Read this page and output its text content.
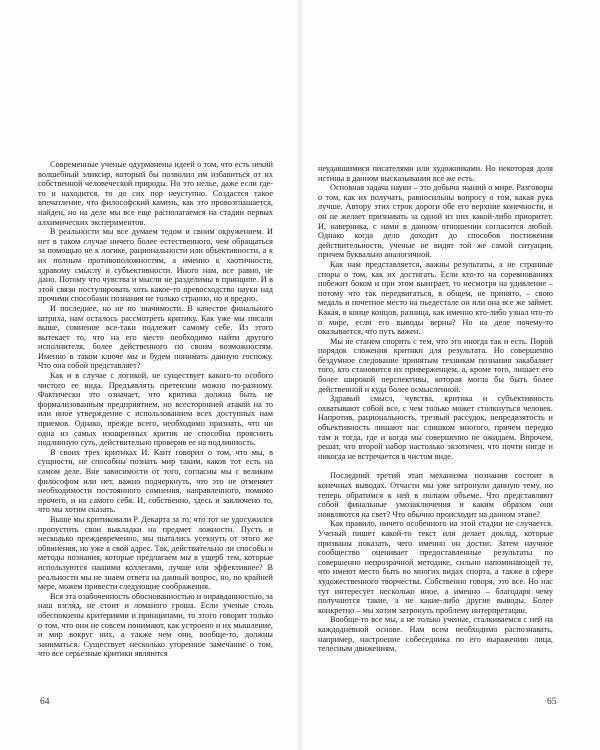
Современные ученые одурманены идеей о том, что есть некий волшебный эликсир, который бы позволил им избавиться от их собственной человеческой природы. Но это нелье, даже если где-то и находится, то до сих пор неуступно. Создастся такое впечатление, что философский камень, как это провозглашается, найден, но на деле мы все еще располагаемся на стадии первых алхимических экспериментов.

В реальности мы все думаем тедом и своим окружением. И нет в таком случае ничего более естественного, чем обращаться за помощью не к логике, рациональности или объективности, а к их полным противоположностям, а именно к хаотичности, здравому смыслу и субъективности. Иного нам, все равно, не дано. Потому что чувства и мысли не разделимы в принципе. И в этой связи постулировать хоть какое-то превосходство науки над прочими способами познания не только странно, но и вредно.

И последнее, но не по значимости. В качестве финального штриха, нам осталось рассмотреть критику. Как уже мы писали выше, сомнение все-таки подлежит самому себе. Из этого вытекает то, что на его место необходимо найти другого исполнителя, более действенного по своим возможностям. Именно в таком ключе мы и будем понимать данную госпожу. Что она собой представляет?

Как и в случае с логикой, не существует какого-то особого чистого ее вида. Предъявлять претензии можно по-разному. Фактически это означает, что критика должна быть не формализованным предприятием, но всесторонней атакой на то или иное утверждение с использованием всех доступных нам приемов. Однако, прежде всего, необходимо признать, что ни одна из самых изощренных критик не способна прояснить подлинную суть, действительно проверив ее на подлинность.

В своих трех критиках И. Кант говорил о том, что мы, в сущности, не способны познать мир таким, каков тот есть на самом деле. Вне зависимости от того, согласны мы с великим философом или нет, важно подчеркнуть, что это не отменяет необходимости постоянного сомнения, направленного, помимо прочего, и на самого себя. И, собственно, здесь и заключено то, что мы хотим сказать.

Выше мы критиковали Р. Декарта за то, что тот не удосужился пропустить свои выкладки на предмет ложности. Пусть и несколько преждевременно, мы пытались усекнуть от этого же обвинения, но уже в свой адрес. Так, действительно ли способы и методы познания, которые предлагаем мы в ущерб тем, которые используются нашими коллегами, лучше или эффективнее? В реальности мы не знаем ответа на данный вопрос, но, по крайней мере, можем привести следующие соображения.

Вся эта озабоченность обоснованностью и оправданностью, за наш взгляд, не стоит и ломаного гроша. Если ученые столь обеспокоены критериями и принципами, то этого говорит только о том, что они не совсем понимают, как устроено и их мышление, и мир вокруг них, а также чем они, вообще-то, должны заниматься. Существует несколько уторенное замечание о том, что все серьезные критики являются

64

неудавшимися писателями или художниками. Но некоторая доля истины в данном высказывании все же есть.

Основная задача науки – это добыча знаний о мире. Разговоры о том, как их получать, равносильны вопросу о том, какая рука лучше. Автору этих строк дороги обе его верхние конечности, и он не желает признавать за одной из них какой-либо приоритет. И, наверника, с нами в данном отношении согласится любой. Однако когда дело доходит до способов постижения действительности, ученые не видят той же самой ситуации, причем буквально аналогичной.

Как нам представляется, важны результаты, а не странные споры о том, как их достигать. Если кто-то на соревнованиях побежит боком и при этом выиграет, то несмотря на удивление – потому что так передвигаться, в общем, не принято, – свою медаль и почетное место на пьедестале он или она все же займет. Какая, в конце концов, разница, как именно кто-либо узнал что-то о мире, если его выводы верны? Но на деле почему-то оказывается, что путь важен.

Мы не станем спорить с тем, что это иногда так и есть. Порой порядок сложения критики для результата. Но совершенно бездумное следование принятым техникам познания закабаляет того, кто становится их приверженцем, а, кроме того, лишает его более широкой перспективы, которая могла бы быть более действенной и куда более осмысленной.

Здравый смысл, чувства, критика и субъективность охватывают собой все, с чем только может столкнуться человек. Напротив, рациональность, трезвый рассудок, непредвзятость и объективность лишают нас слишком многого, причем передко там и тогда, где и когда мы совершенно не ожидаем. Впрочем, решат, что второй набор настолько экзотичен, что почти нигде и никогда не встречается в чистом виде.

Последний третий этап механизма познания состоит в конечных выводах. Отчасти мы уже затронули данную тему, но теперь обратимся к ней в полном объеме. Что представляют собой финальные умозаключения и каким образом они появляются на свет? Что обычно происходит на данном этапе?

Как правило, ничего особенного на этой стадии не случается. Ученый пишет какой-то текст или делает доклад, которые призваны показать, чего именно он достиг. Затем научное сообщество оценивает предоставленные результаты по совершенно непрозрачной методике, сильно напоминающей те, что имеют место быть во многих видах спорта, а также в сфере художественного творчества. Собственно говоря, это все. Но нас тут интересует несколько иное, а именно – благодаря чему получаются такие, а не какие-либо другие выводы. Более конкретно – мы хотим затронуть проблему интерпретации.

Вообще-то все мы, а не только ученые, сталкиваемся с ней на каждодневной основе. Нам всем необходимо распознавать, например, настроение собеседника по его выражению лица, телесным движениям,

65
